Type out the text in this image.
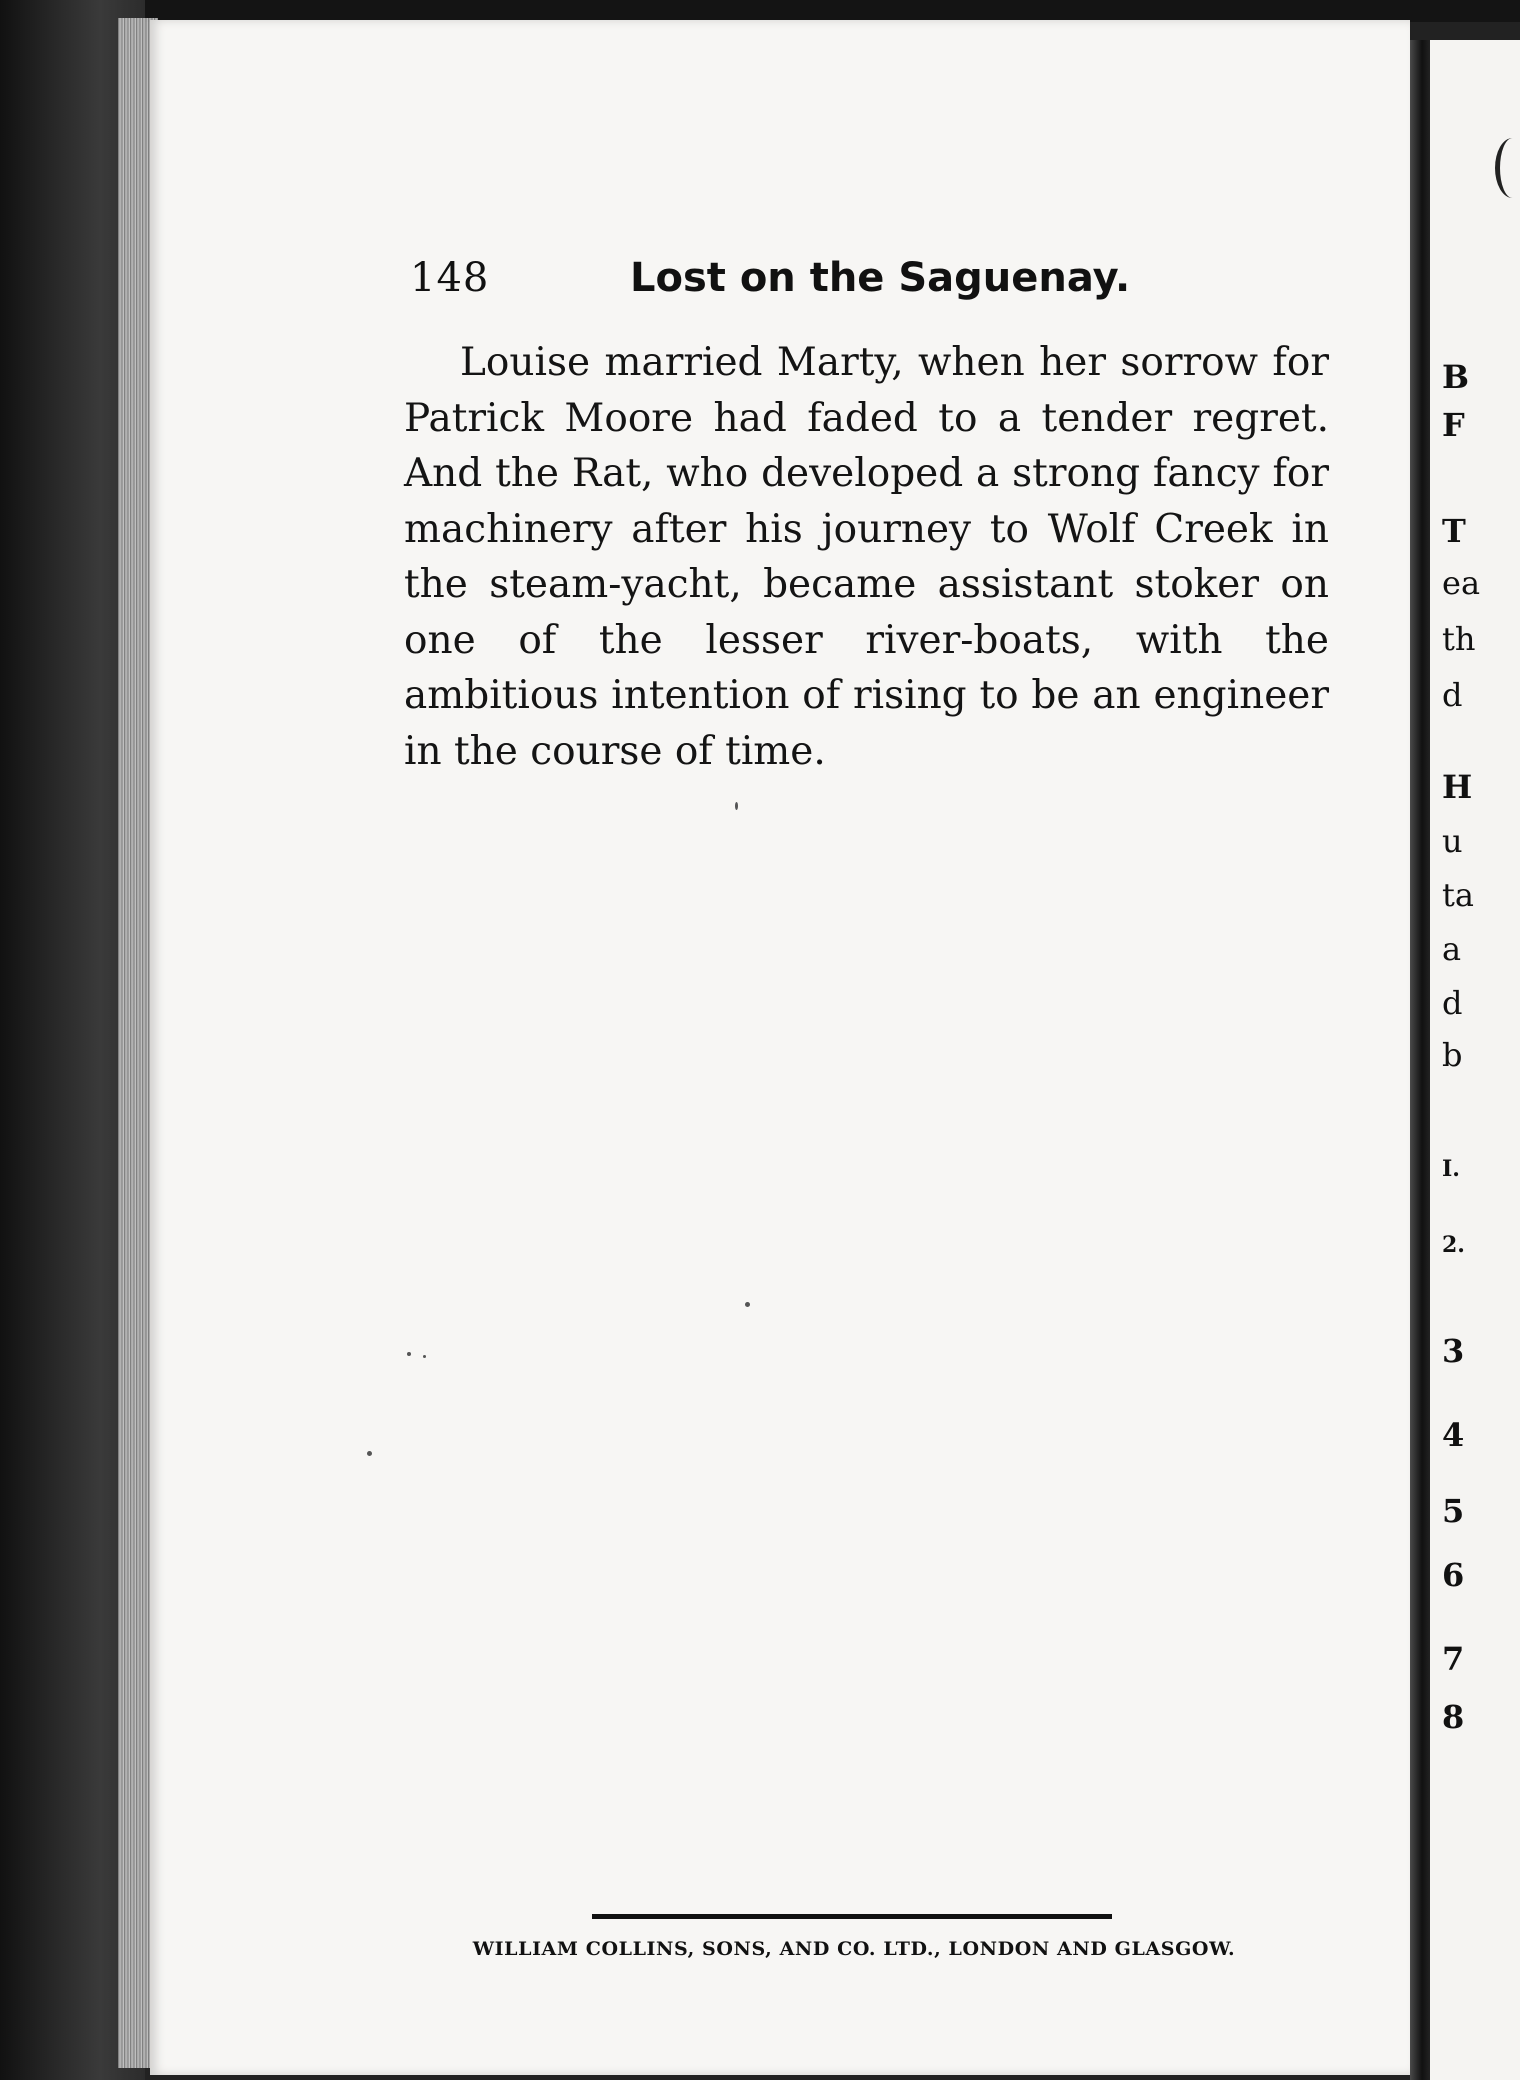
148	Lost on the Saguenay.

Louise married Marty, when her sorrow for Patrick Moore had faded to a tender regret. And the Rat, who developed a strong fancy for machinery after his journey to Wolf Creek in the steam-yacht, became assistant stoker on one of the lesser river-boats, with the ambitious intention of rising to be an engineer in the course of time.

WILLIAM COLLINS, SONS, AND CO. LTD., LONDON AND GLASGOW.
B
F
T
ea
th
d
H
u
ta
a
d
b
I.
2.
3
4
5
6
7
8
